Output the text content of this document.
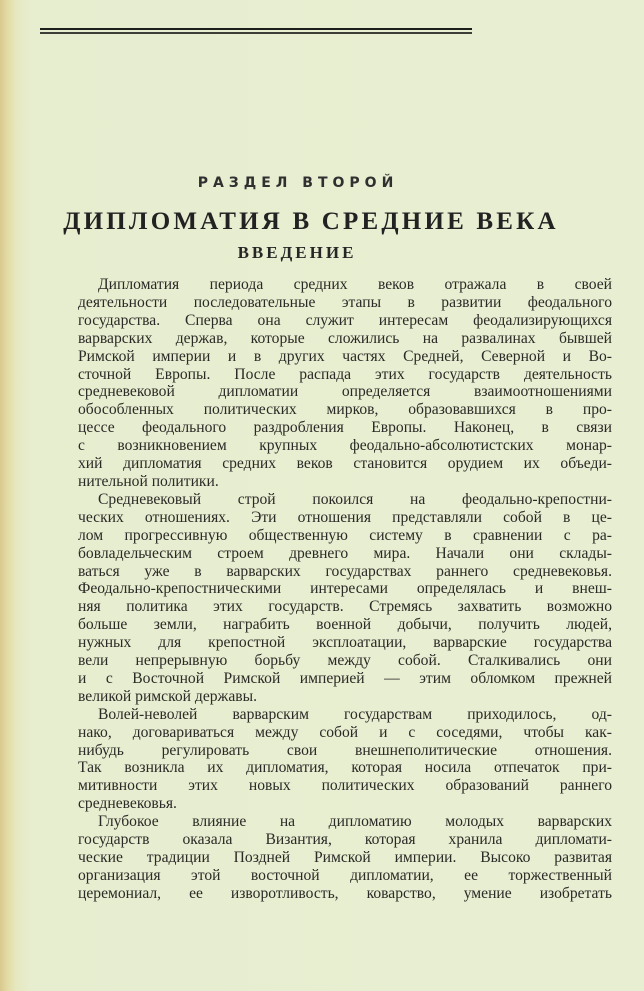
РАЗДЕЛ ВТОРОЙ
ДИПЛОМАТИЯ В СРЕДНИЕ ВЕКА
ВВЕДЕНИЕ
Дипломатия периода средних веков отражала в своей
деятельности последовательные этапы в развитии феодального
государства. Сперва она служит интересам феодализирующихся
варварских держав, которые сложились на развалинах бывшей
Римской империи и в других частях Средней, Северной и Во-
сточной Европы. После распада этих государств деятельность
средневековой дипломатии определяется взаимоотношениями
обособленных политических мирков, образовавшихся в про-
цессе феодального раздробления Европы. Наконец, в связи
с возникновением крупных феодально-абсолютистских монар-
хий дипломатия средних веков становится орудием их объеди-
нительной политики.
Средневековый строй покоился на феодально-крепостни-
ческих отношениях. Эти отношения представляли собой в це-
лом прогрессивную общественную систему в сравнении с ра-
бовладельческим строем древнего мира. Начали они склады-
ваться уже в варварских государствах раннего средневековья.
Феодально-крепостническими интересами определялась и внеш-
няя политика этих государств. Стремясь захватить возможно
больше земли, награбить военной добычи, получить людей,
нужных для крепостной эксплоатации, варварские государства
вели непрерывную борьбу между собой. Сталкивались они
и с Восточной Римской империей — этим обломком прежней
великой римской державы.
Волей-неволей варварским государствам приходилось, од-
нако, договариваться между собой и с соседями, чтобы как-
нибудь регулировать свои внешнеполитические отношения.
Так возникла их дипломатия, которая носила отпечаток при-
митивности этих новых политических образований раннего
средневековья.
Глубокое влияние на дипломатию молодых варварских
государств оказала Византия, которая хранила дипломати-
ческие традиции Поздней Римской империи. Высоко развитая
организация этой восточной дипломатии, ее торжественный
церемониал, ее изворотливость, коварство, умение изобретать
